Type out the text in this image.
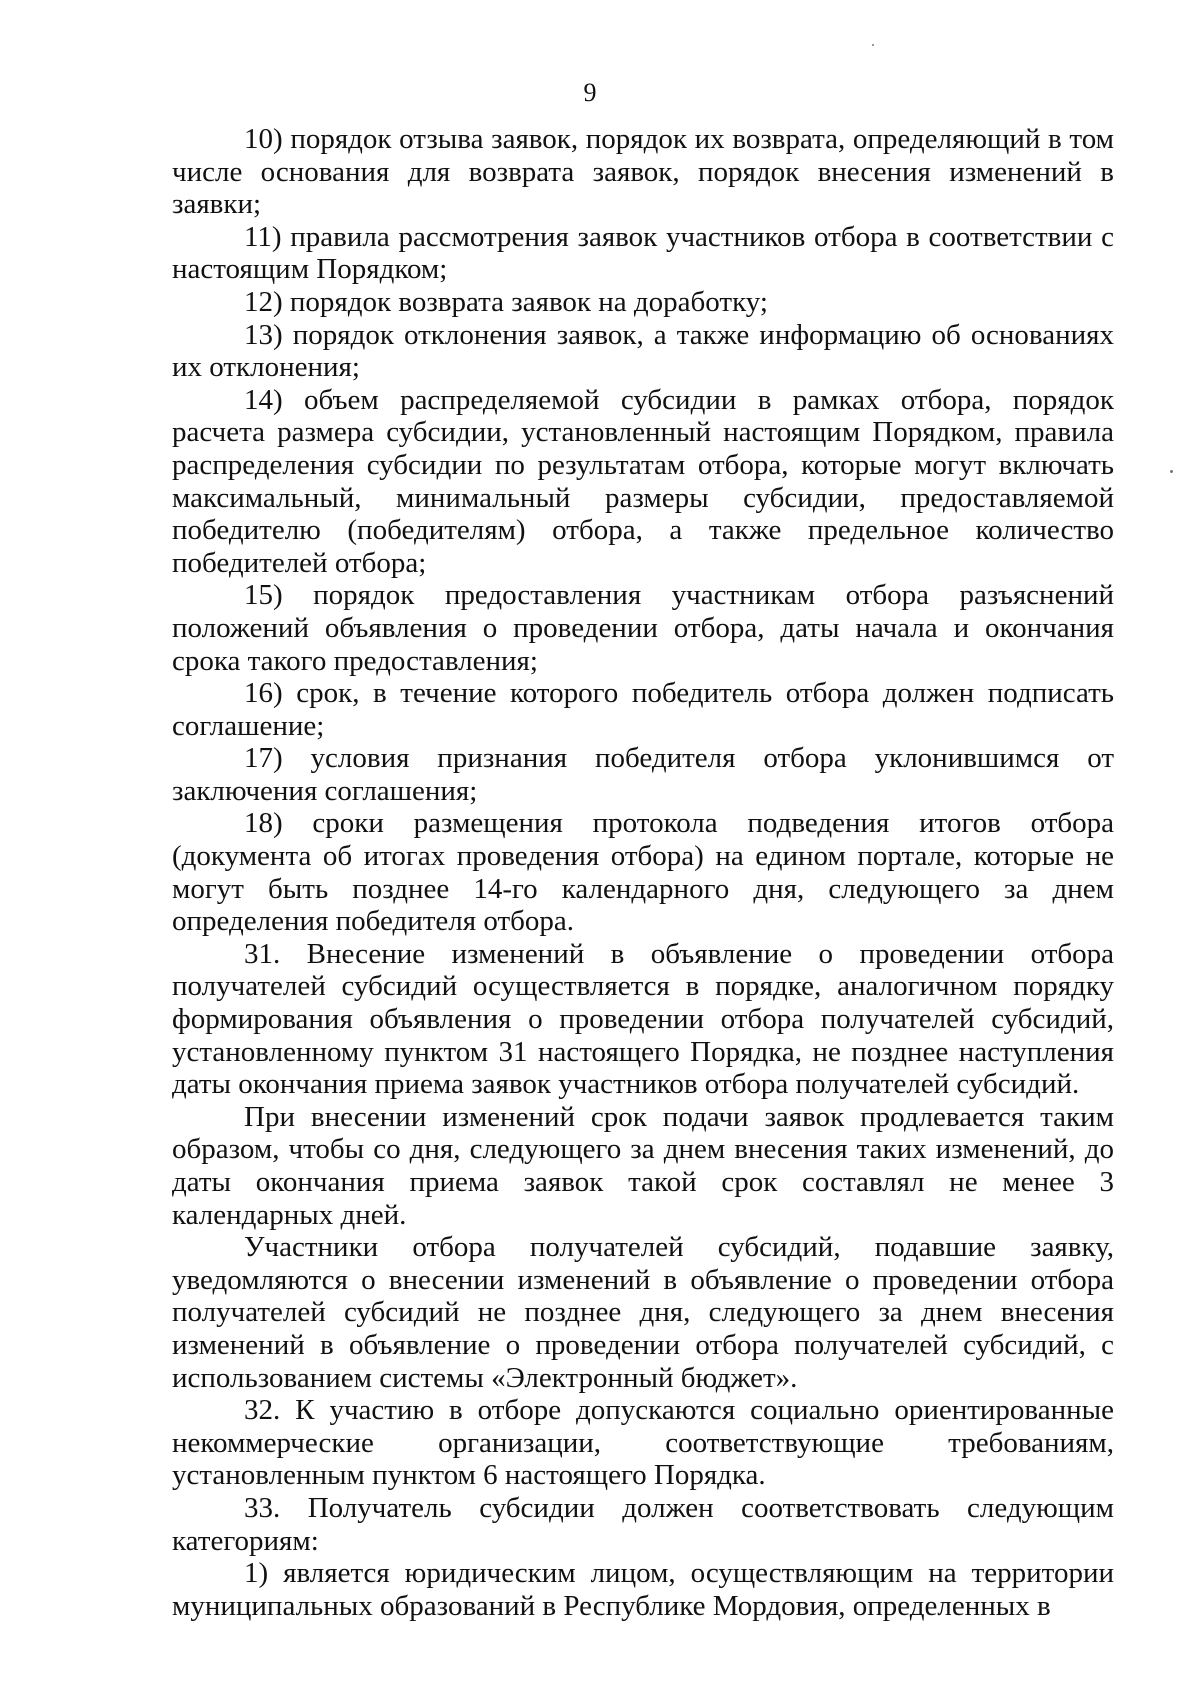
9

10) порядок отзыва заявок, порядок их возврата, определяющий в том числе основания для возврата заявок, порядок внесения изменений в заявки;

11) правила рассмотрения заявок участников отбора в соответствии с настоящим Порядком;

12) порядок возврата заявок на доработку;

13) порядок отклонения заявок, а также информацию об основаниях их отклонения;

14) объем распределяемой субсидии в рамках отбора, порядок расчета размера субсидии, установленный настоящим Порядком, правила распределения субсидии по результатам отбора, которые могут включать максимальный, минимальный размеры субсидии, предоставляемой победителю (победителям) отбора, а также предельное количество победителей отбора;

15) порядок предоставления участникам отбора разъяснений положений объявления о проведении отбора, даты начала и окончания срока такого предоставления;

16) срок, в течение которого победитель отбора должен подписать соглашение;

17) условия признания победителя отбора уклонившимся от заключения соглашения;

18) сроки размещения протокола подведения итогов отбора (документа об итогах проведения отбора) на едином портале, которые не могут быть позднее 14-го календарного дня, следующего за днем определения победителя отбора.

31. Внесение изменений в объявление о проведении отбора получателей субсидий осуществляется в порядке, аналогичном порядку формирования объявления о проведении отбора получателей субсидий, установленному пунктом 31 настоящего Порядка, не позднее наступления даты окончания приема заявок участников отбора получателей субсидий.

При внесении изменений срок подачи заявок продлевается таким образом, чтобы со дня, следующего за днем внесения таких изменений, до даты окончания приема заявок такой срок составлял не менее 3 календарных дней.

Участники отбора получателей субсидий, подавшие заявку, уведомляются о внесении изменений в объявление о проведении отбора получателей субсидий не позднее дня, следующего за днем внесения изменений в объявление о проведении отбора получателей субсидий, с использованием системы «Электронный бюджет».

32. К участию в отборе допускаются социально ориентированные некоммерческие организации, соответствующие требованиям, установленным пунктом 6 настоящего Порядка.

33. Получатель субсидии должен соответствовать следующим категориям:

1) является юридическим лицом, осуществляющим на территории муниципальных образований в Республике Мордовия, определенных в
